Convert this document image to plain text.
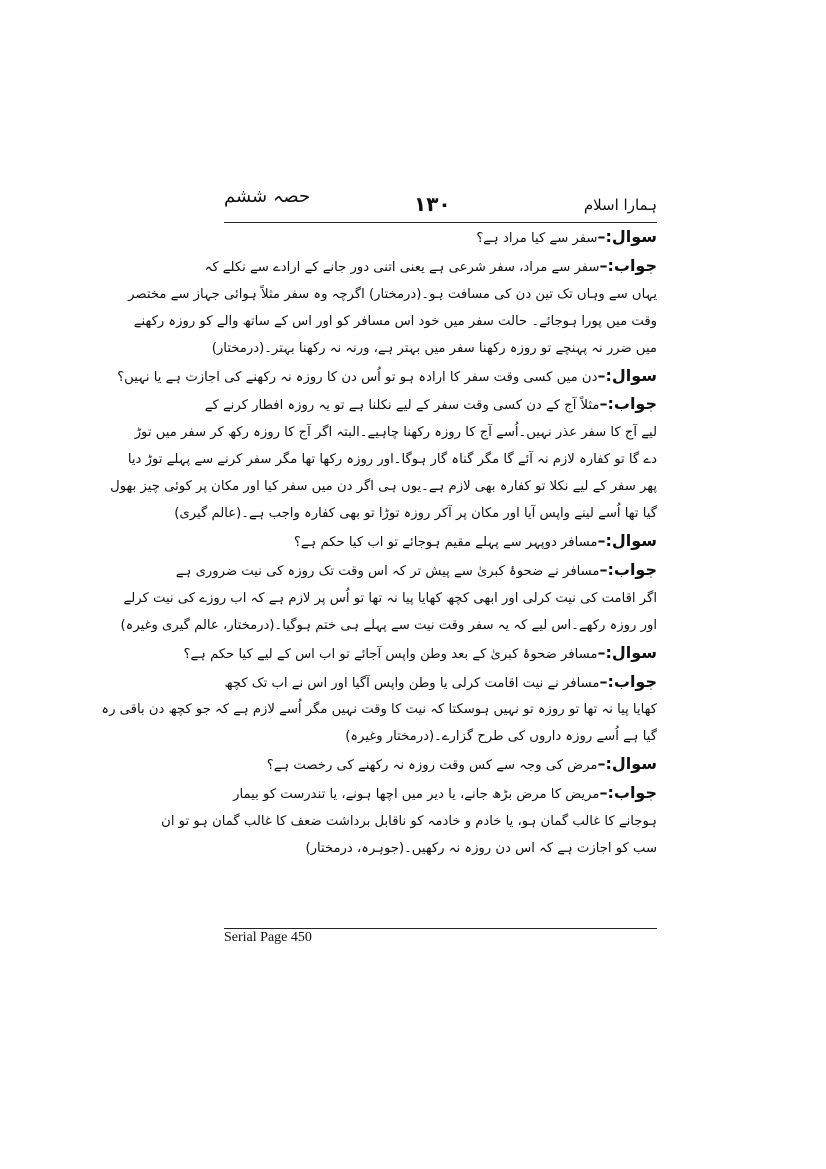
ہمارا اسلام
۱۳۰
حصہ ششم
سوال:–سفر سے کیا مراد ہے؟
جواب:–سفر سے مراد، سفر شرعی ہے یعنی اتنی دور جانے کے ارادے سے نکلے کہ
یہاں سے وہاں تک تین دن کی مسافت ہو۔(درمختار) اگرچہ وہ سفر مثلاً ہوائی جہاز سے مختصر
وقت میں پورا ہوجائے۔ حالت سفر میں خود اس مسافر کو اور اس کے ساتھ والے کو روزہ رکھنے
میں ضرر نہ پہنچے تو روزہ رکھنا سفر میں بہتر ہے، ورنہ نہ رکھنا بہتر۔(درمختار)
سوال:–دن میں کسی وقت سفر کا ارادہ ہو تو اُس دن کا روزہ نہ رکھنے کی اجازت ہے یا نہیں؟
جواب:–مثلاً آج کے دن کسی وقت سفر کے لیے نکلنا ہے تو یہ روزہ افطار کرنے کے
لیے آج کا سفر عذر نہیں۔اُسے آج کا روزہ رکھنا چاہیے۔البتہ اگر آج کا روزہ رکھ کر سفر میں توڑ
دے گا تو کفارہ لازم نہ آئے گا مگر گناہ گار ہوگا۔اور روزہ رکھا تھا مگر سفر کرنے سے پہلے توڑ دیا
پھر سفر کے لیے نکلا تو کفارہ بھی لازم ہے۔یوں ہی اگر دن میں سفر کیا اور مکان پر کوئی چیز بھول
گیا تھا اُسے لینے واپس آیا اور مکان پر آکر روزہ توڑا تو بھی کفارہ واجب ہے۔(عالم گیری)
سوال:–مسافر دوپہر سے پہلے مقیم ہوجائے تو اب کیا حکم ہے؟
جواب:–مسافر نے ضحوۂ کبریٰ سے پیش تر کہ اس وقت تک روزہ کی نیت ضروری ہے
اگر اقامت کی نیت کرلی اور ابھی کچھ کھایا پیا نہ تھا تو اُس پر لازم ہے کہ اب روزے کی نیت کرلے
اور روزہ رکھے۔اس لیے کہ یہ سفر وقت نیت سے پہلے ہی ختم ہوگیا۔(درمختار، عالم گیری وغیرہ)
سوال:–مسافر ضحوۂ کبریٰ کے بعد وطن واپس آجائے تو اب اس کے لیے کیا حکم ہے؟
جواب:–مسافر نے نیت اقامت کرلی یا وطن واپس آگیا اور اس نے اب تک کچھ
کھایا پیا نہ تھا تو روزہ تو نہیں ہوسکتا کہ نیت کا وقت نہیں مگر اُسے لازم ہے کہ جو کچھ دن باقی رہ
گیا ہے اُسے روزہ داروں کی طرح گزارے۔(درمختار وغیرہ)
سوال:–مرض کی وجہ سے کس وقت روزہ نہ رکھنے کی رخصت ہے؟
جواب:–مریض کا مرض بڑھ جانے، یا دیر میں اچھا ہونے، یا تندرست کو بیمار
ہوجانے کا غالب گمان ہو، یا خادم و خادمہ کو ناقابل برداشت ضعف کا غالب گمان ہو تو ان
سب کو اجازت ہے کہ اس دن روزہ نہ رکھیں۔(جوہرہ، درمختار)
Serial Page 450
